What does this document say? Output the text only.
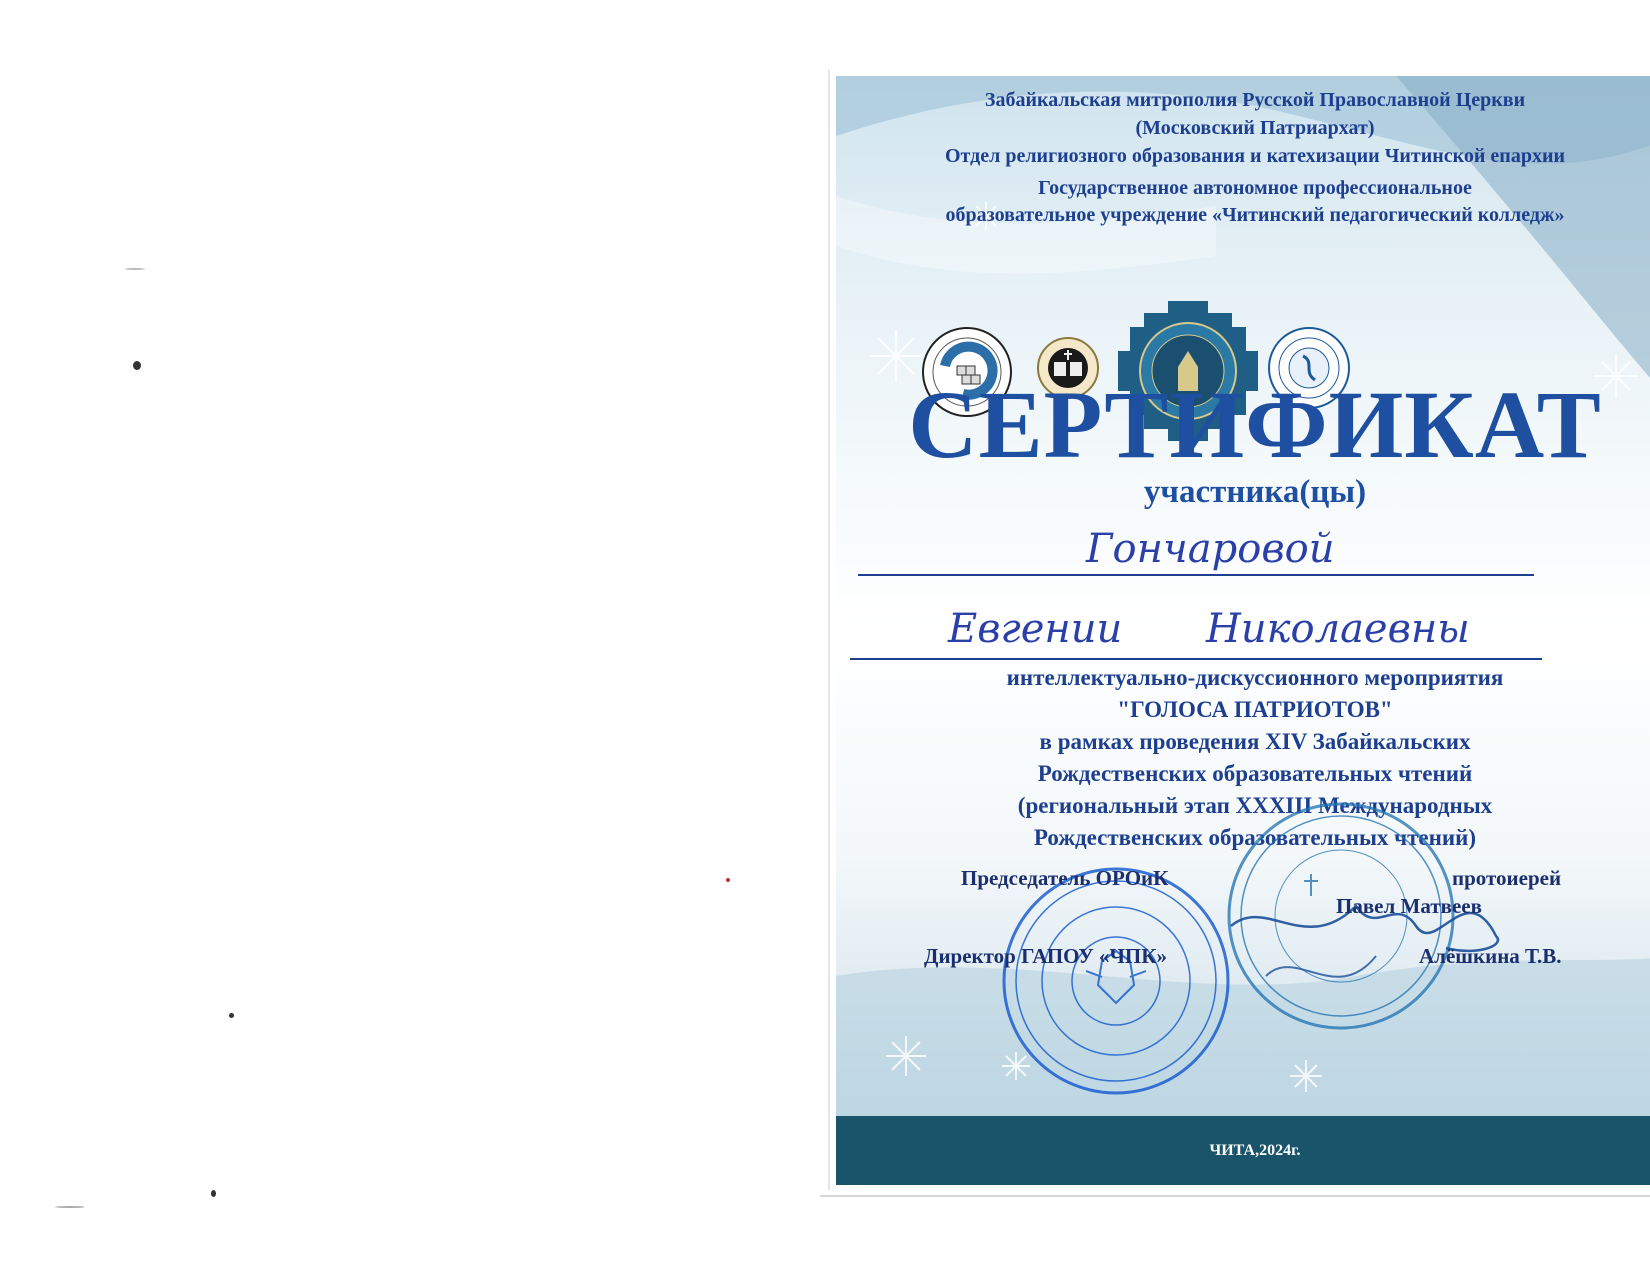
Забайкальская митрополия Русской Православной Церкви
(Московский Патриархат)
Отдел религиозного образования и катехизации Читинской епархии
Государственное автономное профессиональное
образовательное учреждение «Читинский педагогический колледж»
СЕРТИФИКАТ
участника(цы)
Гончаровой
Евгении Николаевны
интеллектуально-дискуссионного мероприятия
"ГОЛОСА ПАТРИОТОВ"
в рамках проведения XIV Забайкальских
Рождественских образовательных чтений
(региональный этап XXXIII Международных
Рождественских образовательных чтений)
Председатель ОРОиК	протоиерей
Павел Матвеев
Директор ГАПОУ «ЧПК»	Алёшкина Т.В.
ЧИТА,2024г.
